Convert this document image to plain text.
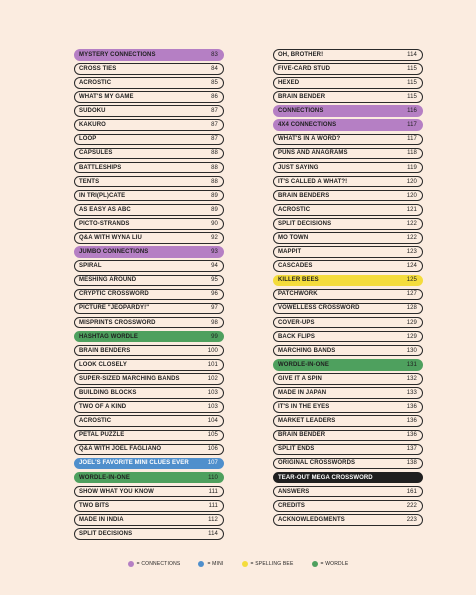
MYSTERY CONNECTIONS	83
CROSS TIES	84
ACROSTIC	85
WHAT'S MY GAME	86
SUDOKU	87
KAKURO	87
LOOP	87
CAPSULES	88
BATTLESHIPS	88
TENTS	88
IN TRI(PL)CATE	89
AS EASY AS ABC	89
PICTO-STRANDS	90
Q&A WITH WYNA LIU	92
JUMBO CONNECTIONS	93
SPIRAL	94
MESHING AROUND	95
CRYPTIC CROSSWORD	96
PICTURE "JEOPARDY!"	97
MISPRINTS CROSSWORD	98
HASHTAG WORDLE	99
BRAIN BENDERS	100
LOOK CLOSELY	101
SUPER-SIZED MARCHING BANDS	102
BUILDING BLOCKS	103
TWO OF A KIND	103
ACROSTIC	104
PETAL PUZZLE	105
Q&A WITH JOEL FAGLIANO	106
JOEL'S FAVORITE MINI CLUES EVER	107
WORDLE-IN-ONE	110
SHOW WHAT YOU KNOW	111
TWO BITS	111
MADE IN INDIA	112
SPLIT DECISIONS	114
OH, BROTHER!	114
FIVE-CARD STUD	115
HEXED	115
BRAIN BENDER	115
CONNECTIONS	116
4X4 CONNECTIONS	117
WHAT'S IN A WORD?	117
PUNS AND ANAGRAMS	118
JUST SAYING	119
IT'S CALLED A WHAT?!	120
BRAIN BENDERS	120
ACROSTIC	121
SPLIT DECISIONS	122
MO TOWN	122
MAPPIT	123
CASCADES	124
KILLER BEES	125
PATCHWORK	127
VOWELLESS CROSSWORD	128
COVER-UPS	129
BACK FLIPS	129
MARCHING BANDS	130
WORDLE-IN-ONE	131
GIVE IT A SPIN	132
MADE IN JAPAN	133
IT'S IN THE EYES	136
MARKET LEADERS	136
BRAIN BENDER	136
SPLIT ENDS	137
ORIGINAL CROSSWORDS	138
TEAR-OUT MEGA CROSSWORD
ANSWERS	161
CREDITS	222
ACKNOWLEDGMENTS	223
= CONNECTIONS	= MINI	= SPELLING BEE	= WORDLE
